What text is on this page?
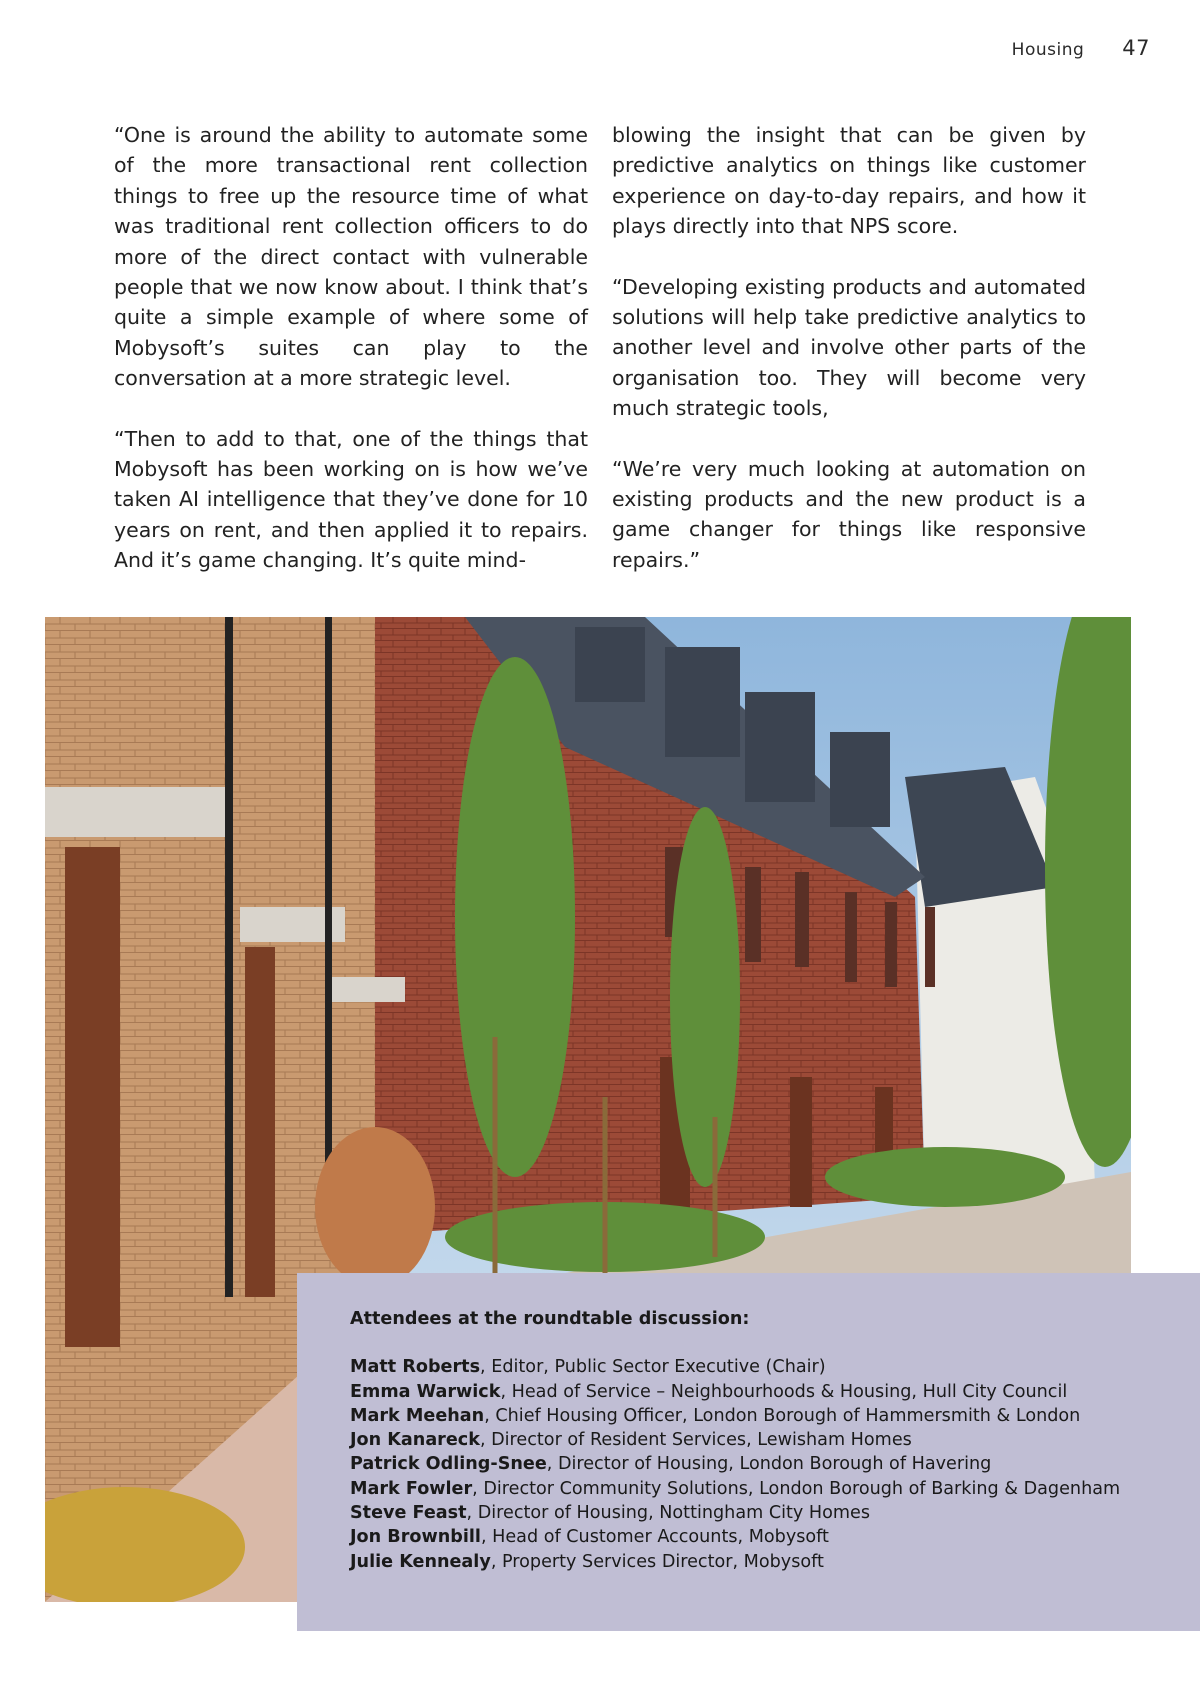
Housing 47

“One is around the ability to automate some of the more transactional rent collection things to free up the resource time of what was traditional rent collection officers to do more of the direct contact with vulnerable people that we now know about. I think that’s quite a simple example of where some of Mobysoft’s suites can play to the conversation at a more strategic level.

“Then to add to that, one of the things that Mobysoft has been working on is how we’ve taken AI intelligence that they’ve done for 10 years on rent, and then applied it to repairs. And it’s game changing. It’s quite mind-

blowing the insight that can be given by predictive analytics on things like customer experience on day-to-day repairs, and how it plays directly into that NPS score.

“Developing existing products and automated solutions will help take predictive analytics to another level and involve other parts of the organisation too. They will become very much strategic tools,

“We’re very much looking at automation on existing products and the new product is a game changer for things like responsive repairs.”

Attendees at the roundtable discussion:
Matt Roberts, Editor, Public Sector Executive (Chair)
Emma Warwick, Head of Service – Neighbourhoods & Housing, Hull City Council
Mark Meehan, Chief Housing Officer, London Borough of Hammersmith & London
Jon Kanareck, Director of Resident Services, Lewisham Homes
Patrick Odling-Snee, Director of Housing, London Borough of Havering
Mark Fowler, Director Community Solutions, London Borough of Barking & Dagenham
Steve Feast, Director of Housing, Nottingham City Homes
Jon Brownbill, Head of Customer Accounts, Mobysoft
Julie Kennealy, Property Services Director, Mobysoft
